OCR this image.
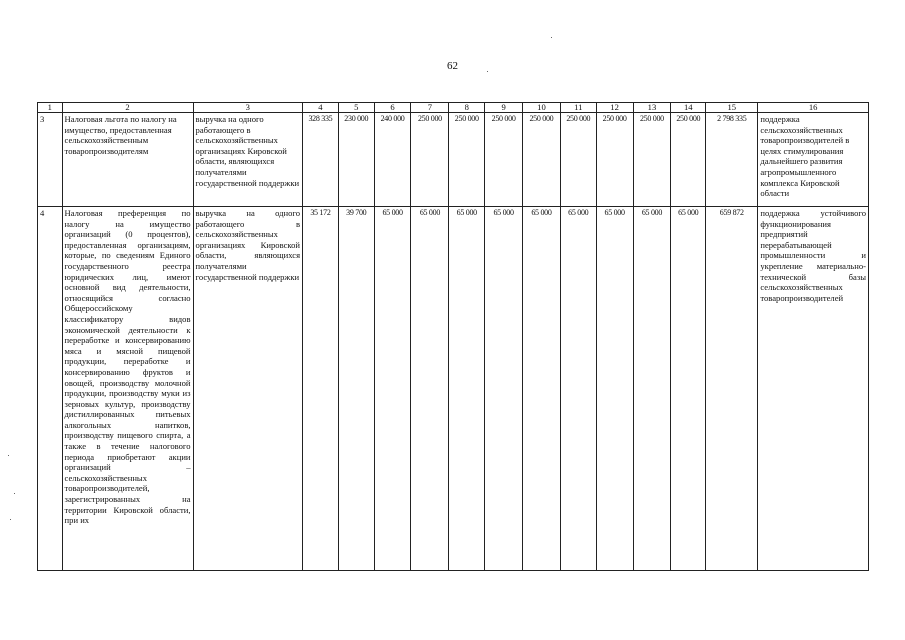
62
1	2	3	4	5	6	7	8	9	10	11	12	13	14	15	16
3	Налоговая льгота по налогу на имущество, предоставленная сельскохозяйственным товаропроизводителям	выручка на одного работающего в сельскохозяйственных организациях Кировской области, являющихся получателями государственной поддержки	328 335	230 000	240 000	250 000	250 000	250 000	250 000	250 000	250 000	250 000	250 000	2 798 335	поддержка сельскохозяйственных товаропроизводителей в целях стимулирования дальнейшего развития агропромышленного комплекса Кировской области
4	Налоговая преференция по налогу на имущество организаций (0 процентов), предоставленная организациям, которые, по сведениям Единого государственного реестра юридических лиц, имеют основной вид деятельности, относящийся согласно Общероссийскому классификатору видов экономической деятельности к переработке и консервированию мяса и мясной пищевой продукции, переработке и консервированию фруктов и овощей, производству молочной продукции, производству муки из зерновых культур, производству дистиллированных питьевых алкогольных напитков, производству пищевого спирта, а также в течение налогового периода приобретают акции организаций – сельскохозяйственных товаропроизводителей, зарегистрированных на территории Кировской области, при их	выручка на одного работающего в сельскохозяйственных организациях Кировской области, являющихся получателями государственной поддержки	35 172	39 700	65 000	65 000	65 000	65 000	65 000	65 000	65 000	65 000	65 000	659 872	поддержка устойчивого функционирования предприятий перерабатывающей промышленности и укрепление материально-технической базы сельскохозяйственных товаропроизводителей
